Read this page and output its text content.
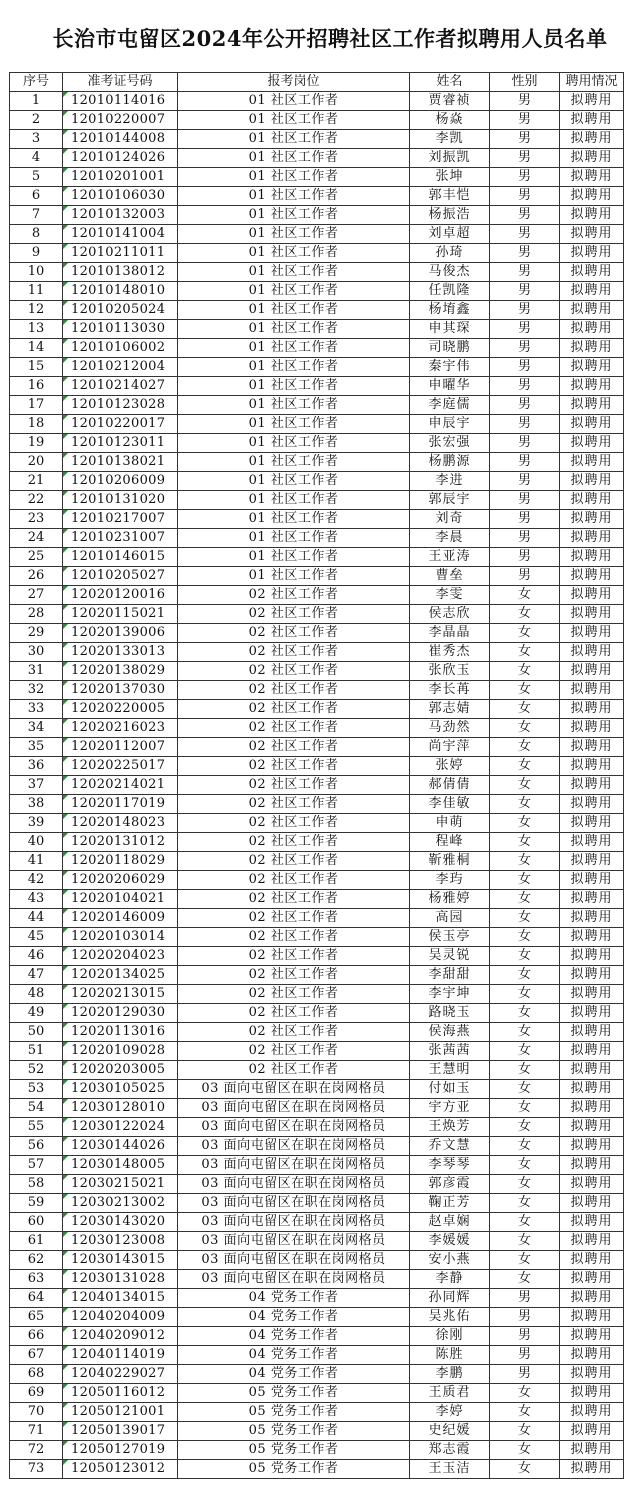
长治市屯留区2024年公开招聘社区工作者拟聘用人员名单
序号	准考证号码	报考岗位	姓名	性别	聘用情况
1	12010114016	01 社区工作者	贾睿祯	男	拟聘用
2	12010220007	01 社区工作者	杨焱	男	拟聘用
3	12010144008	01 社区工作者	李凯	男	拟聘用
4	12010124026	01 社区工作者	刘振凯	男	拟聘用
5	12010201001	01 社区工作者	张坤	男	拟聘用
6	12010106030	01 社区工作者	郭丰恺	男	拟聘用
7	12010132003	01 社区工作者	杨振浩	男	拟聘用
8	12010141004	01 社区工作者	刘卓超	男	拟聘用
9	12010211011	01 社区工作者	孙琦	男	拟聘用
10	12010138012	01 社区工作者	马俊杰	男	拟聘用
11	12010148010	01 社区工作者	任凯隆	男	拟聘用
12	12010205024	01 社区工作者	杨堉鑫	男	拟聘用
13	12010113030	01 社区工作者	申其琛	男	拟聘用
14	12010106002	01 社区工作者	司晓鹏	男	拟聘用
15	12010212004	01 社区工作者	秦宇伟	男	拟聘用
16	12010214027	01 社区工作者	申曜华	男	拟聘用
17	12010123028	01 社区工作者	李庭儒	男	拟聘用
18	12010220017	01 社区工作者	申辰宇	男	拟聘用
19	12010123011	01 社区工作者	张宏强	男	拟聘用
20	12010138021	01 社区工作者	杨鹏源	男	拟聘用
21	12010206009	01 社区工作者	李进	男	拟聘用
22	12010131020	01 社区工作者	郭辰宇	男	拟聘用
23	12010217007	01 社区工作者	刘奇	男	拟聘用
24	12010231007	01 社区工作者	李晨	男	拟聘用
25	12010146015	01 社区工作者	王亚涛	男	拟聘用
26	12010205027	01 社区工作者	曹垒	男	拟聘用
27	12020120016	02 社区工作者	李雯	女	拟聘用
28	12020115021	02 社区工作者	侯志欣	女	拟聘用
29	12020139006	02 社区工作者	李晶晶	女	拟聘用
30	12020133013	02 社区工作者	崔秀杰	女	拟聘用
31	12020138029	02 社区工作者	张欣玉	女	拟聘用
32	12020137030	02 社区工作者	李长苒	女	拟聘用
33	12020220005	02 社区工作者	郭志婧	女	拟聘用
34	12020216023	02 社区工作者	马劲然	女	拟聘用
35	12020112007	02 社区工作者	尚宇萍	女	拟聘用
36	12020225017	02 社区工作者	张婷	女	拟聘用
37	12020214021	02 社区工作者	郝倩倩	女	拟聘用
38	12020117019	02 社区工作者	李佳敏	女	拟聘用
39	12020148023	02 社区工作者	申萌	女	拟聘用
40	12020131012	02 社区工作者	程峰	女	拟聘用
41	12020118029	02 社区工作者	靳雅桐	女	拟聘用
42	12020206029	02 社区工作者	李玙	女	拟聘用
43	12020104021	02 社区工作者	杨雅婷	女	拟聘用
44	12020146009	02 社区工作者	高园	女	拟聘用
45	12020103014	02 社区工作者	侯玉亭	女	拟聘用
46	12020204023	02 社区工作者	吴灵锐	女	拟聘用
47	12020134025	02 社区工作者	李甜甜	女	拟聘用
48	12020213015	02 社区工作者	李宇坤	女	拟聘用
49	12020129030	02 社区工作者	路晓玉	女	拟聘用
50	12020113016	02 社区工作者	侯海燕	女	拟聘用
51	12020109028	02 社区工作者	张茜茜	女	拟聘用
52	12020203005	02 社区工作者	王慧明	女	拟聘用
53	12030105025	03 面向屯留区在职在岗网格员	付如玉	女	拟聘用
54	12030128010	03 面向屯留区在职在岗网格员	宇方亚	女	拟聘用
55	12030122024	03 面向屯留区在职在岗网格员	王焕芳	女	拟聘用
56	12030144026	03 面向屯留区在职在岗网格员	乔文慧	女	拟聘用
57	12030148005	03 面向屯留区在职在岗网格员	李琴琴	女	拟聘用
58	12030215021	03 面向屯留区在职在岗网格员	郭彦霞	女	拟聘用
59	12030213002	03 面向屯留区在职在岗网格员	鞠正芳	女	拟聘用
60	12030143020	03 面向屯留区在职在岗网格员	赵卓娴	女	拟聘用
61	12030123008	03 面向屯留区在职在岗网格员	李媛媛	女	拟聘用
62	12030143015	03 面向屯留区在职在岗网格员	安小燕	女	拟聘用
63	12030131028	03 面向屯留区在职在岗网格员	李静	女	拟聘用
64	12040134015	04 党务工作者	孙同辉	男	拟聘用
65	12040204009	04 党务工作者	吴兆佑	男	拟聘用
66	12040209012	04 党务工作者	徐刚	男	拟聘用
67	12040114019	04 党务工作者	陈胜	男	拟聘用
68	12040229027	04 党务工作者	李鹏	男	拟聘用
69	12050116012	05 党务工作者	王质君	女	拟聘用
70	12050121001	05 党务工作者	李婷	女	拟聘用
71	12050139017	05 党务工作者	史纪媛	女	拟聘用
72	12050127019	05 党务工作者	郑志霞	女	拟聘用
73	12050123012	05 党务工作者	王玉洁	女	拟聘用
